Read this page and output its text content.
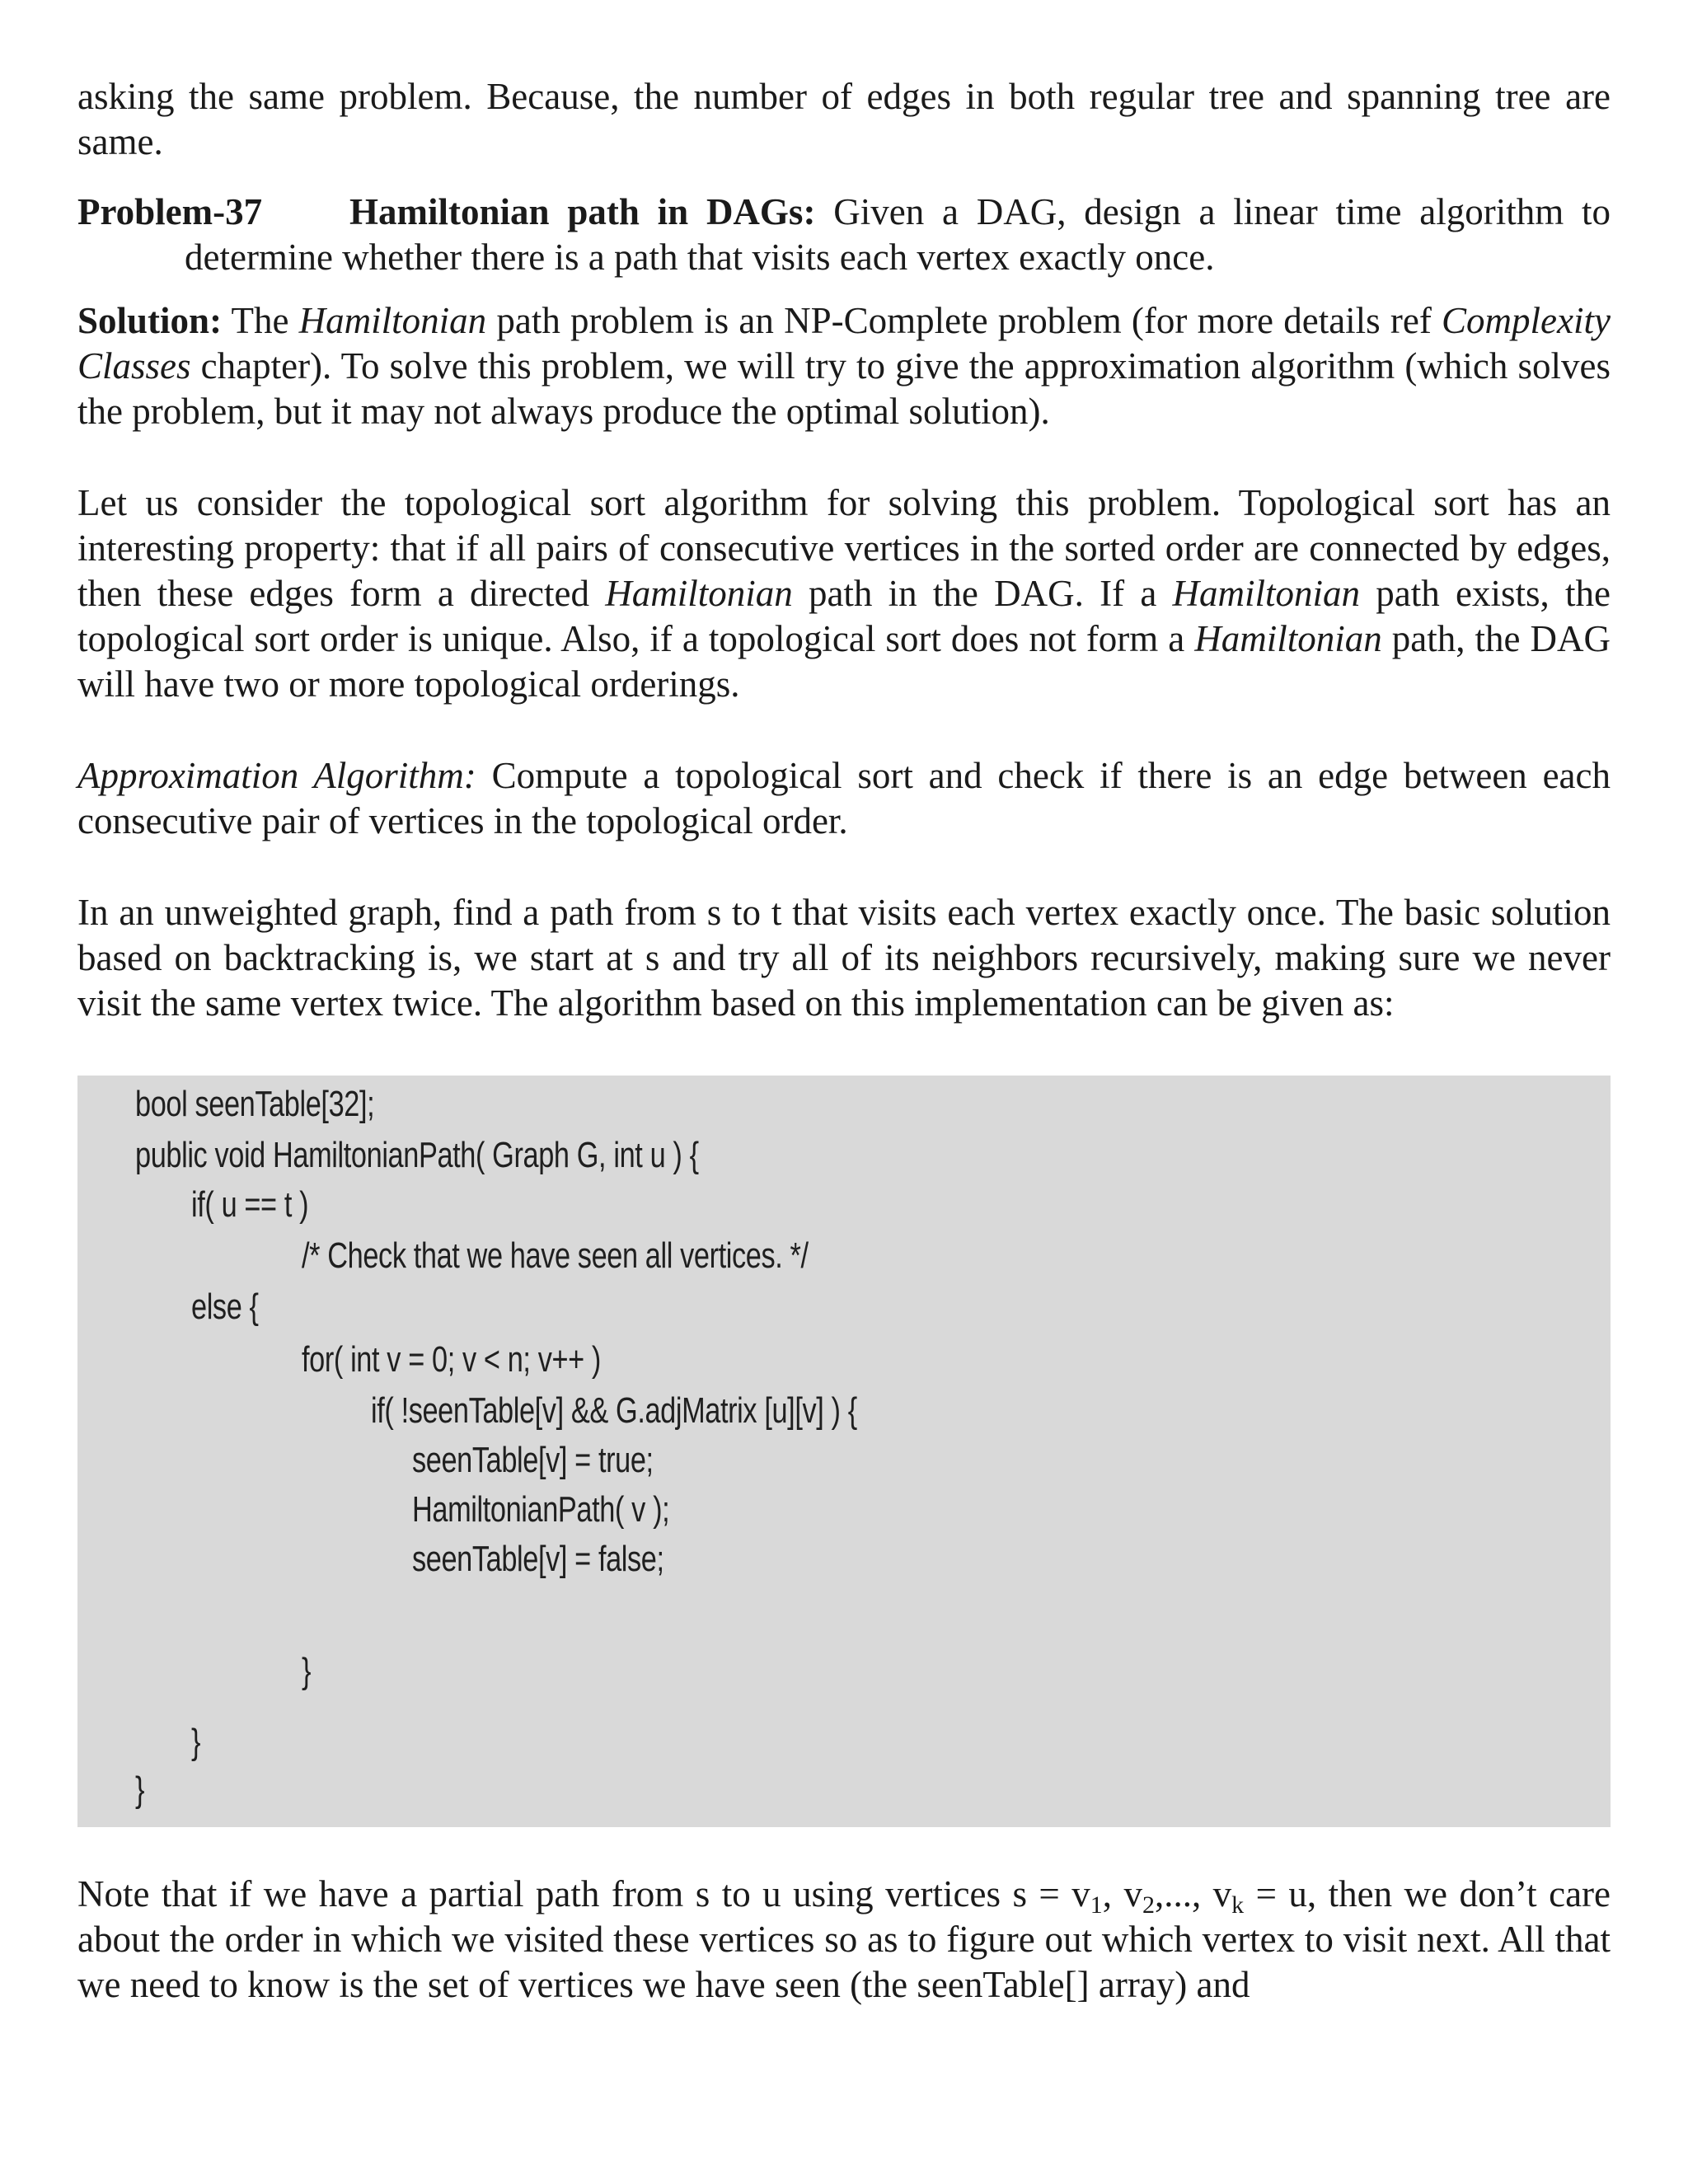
asking the same problem. Because, the number of edges in both regular tree and spanning tree are same.

Problem-37 Hamiltonian path in DAGs: Given a DAG, design a linear time algorithm to determine whether there is a path that visits each vertex exactly once.

Solution: The Hamiltonian path problem is an NP-Complete problem (for more details ref Complexity Classes chapter). To solve this problem, we will try to give the approximation algorithm (which solves the problem, but it may not always produce the optimal solution).

Let us consider the topological sort algorithm for solving this problem. Topological sort has an interesting property: that if all pairs of consecutive vertices in the sorted order are connected by edges, then these edges form a directed Hamiltonian path in the DAG. If a Hamiltonian path exists, the topological sort order is unique. Also, if a topological sort does not form a Hamiltonian path, the DAG will have two or more topological orderings.

Approximation Algorithm: Compute a topological sort and check if there is an edge between each consecutive pair of vertices in the topological order.

In an unweighted graph, find a path from s to t that visits each vertex exactly once. The basic solution based on backtracking is, we start at s and try all of its neighbors recursively, making sure we never visit the same vertex twice. The algorithm based on this implementation can be given as:

bool seenTable[32];
public void HamiltonianPath( Graph G, int u ) {
if( u == t )
/* Check that we have seen all vertices. */
else {
for( int v = 0; v < n; v++ )
if( !seenTable[v] && G.adjMatrix [u][v] ) {
seenTable[v] = true;
HamiltonianPath( v );
seenTable[v] = false;
}
}
}

Note that if we have a partial path from s to u using vertices $s = v_1$, $v_2$,..., $v_k = u$, then we don’t care about the order in which we visited these vertices so as to figure out which vertex to visit next. All that we need to know is the set of vertices we have seen (the seenTable[] array) and
